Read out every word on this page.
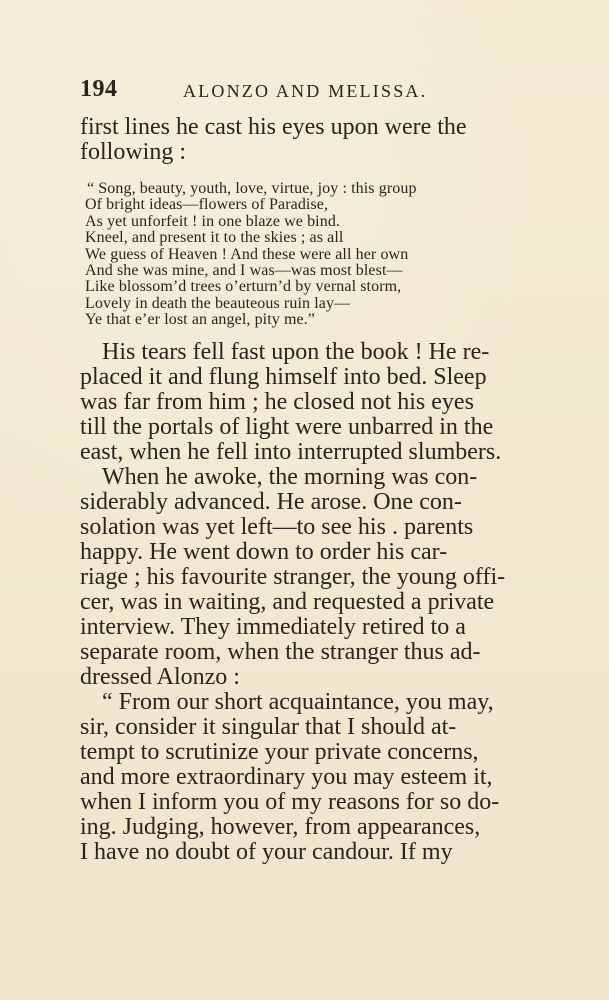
194	ALONZO AND MELISSA.

first lines he cast his eyes upon were the
following :

“ Song, beauty, youth, love, virtue, joy : this group
Of bright ideas—flowers of Paradise,
As yet unforfeit ! in one blaze we bind.
Kneel, and present it to the skies ; as all
We guess of Heaven ! And these were all her own
And she was mine, and I was—was most blest—
Like blossom’d trees o’erturn’d by vernal storm,
Lovely in death the beauteous ruin lay—
Ye that e’er lost an angel, pity me.”
His tears fell fast upon the book ! He re-
placed it and flung himself into bed. Sleep
was far from him ; he closed not his eyes
till the portals of light were unbarred in the
east, when he fell into interrupted slumbers.
When he awoke, the morning was con-
siderably advanced. He arose. One con-
solation was yet left—to see his . parents
happy. He went down to order his car-
riage ; his favourite stranger, the young offi-
cer, was in waiting, and requested a private
interview. They immediately retired to a
separate room, when the stranger thus ad-
dressed Alonzo :
“ From our short acquaintance, you may,
sir, consider it singular that I should at-
tempt to scrutinize your private concerns,
and more extraordinary you may esteem it,
when I inform you of my reasons for so do-
ing. Judging, however, from appearances,
I have no doubt of your candour. If my
